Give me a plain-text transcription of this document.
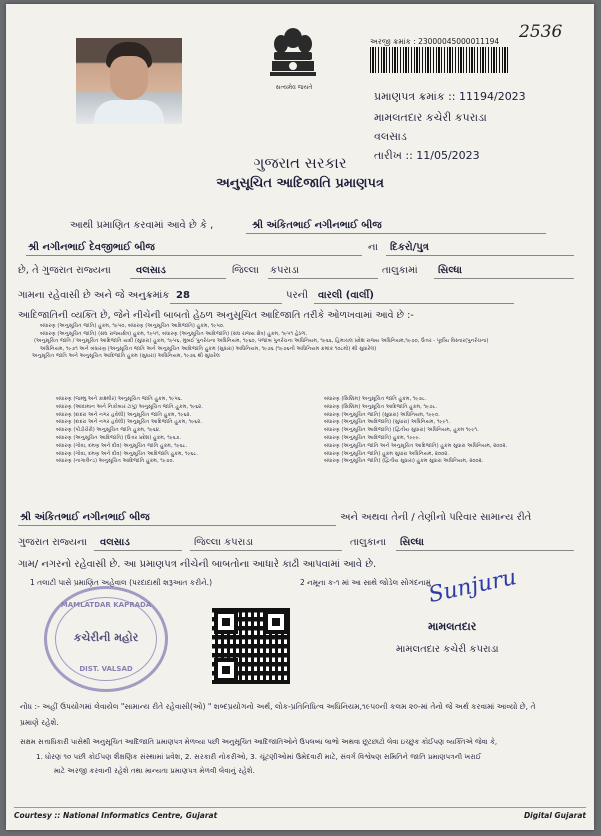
સત્યમેવ જયતે
અરજી ક્રમાંક : 23000045000011194 2536
પ્રમાણપત્ર ક્રમાંક :: 11194/2023
મામલતદાર કચેરી કપરાડા
વલસાડ
તારીખ :: 11/05/2023
ગુજરાત સરકાર
અનુસૂચિત આદિજાતિ પ્રમાણપત્ર
આથી પ્રમાણિત કરવામાં આવે છે કે ,	શ્રી અંકિતભાઈ નગીનભાઈ બીજ
શ્રી નગીનભાઈ દેવજીભાઈ બીજ	ના દિકરો/પુત્ર
છે, તે ગુજરાત રાજ્યના	વલસાડ	જિલ્લા કપરાડા	તાલુકામાં સિલ્ધા
ગામના રહેવાસી છે અને જે અનુક્રમાંક 28	પરની વારલી (વાર્લી)
આદિજાતિની વ્યક્તિ છે, જેને નીચેની બાબતો હેઠળ અનુસૂચિત આદિજાતિ તરીકે ઓળખવામાં આવે છે :-
બંધારણ (અનુસૂચિત જાતિ) હુકમ, ૧૯૫૦, બંધારણ (અનુસૂચિત આદિજાતિ) હુકમ, ૧૯૫૦.
બંધારણ (અનુસૂચિત જાતિ) (સંઘ રાજ્યક્ષેત્ર) હુકમ, ૧૯૫૧, બંધારણ (અનુસૂચિત આદિજાતિ) (સંઘ રાજ્ય ક્ષેત્ર) હુકમ, ૧૯૫૧ હેઠળ.
(અનુસૂચિત જાતિ / અનુસૂચિત આદિજાતિ યાદી (સુધારા) હુકમ, ૧૯૫૬, મુંબઈ પુનર્રચના અધિનિયમ, ૧૯૬૦, પંજાબ પુનર્રચના અધિનિયમ, ૧૯૬૬, હિમાચલ પ્રદેશ રાજ્ય અધિનિયમ,૧૯૭૦, ઉત્તર - પૂર્વીય વિસ્તાર(પુનર્રચના)
અધિનિયમ, ૧૯૭૧ અને બંધારણ (અનુસૂચિત જાતિ અને અનુસૂચિત આદિજાતિ હુકમ (સુધારા) અધિનિયમ, ૧૯૭૬ (૧૯૭૬ની અધિનિયમ ક્રમાંક ૧૦૮મો) થી સુધારેલ)
અનુસૂચિત જાતિ અને અનુસૂચિત આદિજાતિ હુકમ (સુધારા) અધિનિયમ, ૧૯૭૬ થી સુધારેલ
બંધારણ (જમ્મુ અને કાશ્મીર) અનુસૂચિત જાતિ હુકમ, ૧૯૫૬.
બંધારણ (આંદામાન અને નિકોબાર ટાપુ) અનુસૂચિત જાતિ હુકમ, ૧૯૬૨.
બંધારણ (દાદરા અને નગર હવેલી) અનુસૂચિત જાતિ હુકમ, ૧૯૬૨.
બંધારણ (દાદરા અને નગર હવેલી) અનુસૂચિત આદિજાતિ હુકમ, ૧૯૬૨.
બંધારણ (પોંડીચેરી) અનુસૂચિત જાતિ હુકમ, ૧૯૬૪.
બંધારણ (અનુસૂચિત આદિજાતિ) (ઉત્તર પ્રદેશ) હુકમ, ૧૯૬૭.
બંધારણ (ગોવા, દમણ અને દીવ) અનુસૂચિત જાતિ હુકમ, ૧૯૬૮.
બંધારણ (ગોવા, દમણ અને દીવ) અનુસૂચિત આદિજાતિ હુકમ, ૧૯૬૮.
બંધારણ (નાગાલેન્ડ) અનુસૂચિત આદિજાતિ હુકમ, ૧૯૭૦.
બંધારણ (સિક્કિમ) અનુસૂચિત જાતિ હુકમ, ૧૯૭૮.
બંધારણ (સિક્કિમ) અનુસૂચિત આદિજાતિ હુકમ, ૧૯૭૮.
બંધારણ (અનુસૂચિત જાતિ) (સુધારા) અધિનિયમ, ૧૯૯૦.
બંધારણ (અનુસૂચિત આદિજાતિ) (સુધારા) અધિનિયમ, ૧૯૯૧.
બંધારણ (અનુસૂચિત આદિજાતિ) (દ્વિતીય સુધારા) અધિનિયમ, હુકમ ૧૯૯૧.
બંધારણ (અનુસૂચિત આદિજાતિ) હુકમ, ૧૯૯૯.
બંધારણ (અનુસૂચિત જાતિ અને અનુસૂચિત આદિજાતિ) હુકમ સુધારા અધિનિયમ, ૨૦૦૨.
બંધારણ (અનુસૂચિત જાતિ) હુકમ સુધારા અધિનિયમ, ૨૦૦૨.
બંધારણ (અનુસૂચિત જાતિ) (દ્વિતીય સુધારા) હુકમ સુધારા અધિનિયમ, ૨૦૦૨.
શ્રી અંકિતભાઈ નગીનભાઈ બીજ	અને અથવા તેની / તેણીનો પરિવાર સામાન્ય રીતે
ગુજરાત રાજ્યના વલસાડ	જિલ્લા કપરાડા	તાલુકાના સિલ્ધા
ગામ/ નગરનો રહેવાસી છે. આ પ્રમાણપત્ર નીચેની બાબતોના આધારે કાઢી આપવામાં આવે છે.
1 તલાટી પાસે પ્રમાણિત અહેવાલ (પરદાદાથી શરૂઆત કરીને.)	2 નમૂના ક-૧ માં આ સાથે જોડેલ સોગંદનામું
MAMLATDAR KAPRADA
કચેરીની મહોર
DIST. VALSAD
Sunjuru
મામલતદાર
મામલતદાર કચેરી કપરાડા
નોંધ :- અહીં ઉપયોગમાં લેવાયેલ "સામાન્ય રીતે રહેવાસી(ઓ) " શબ્દપ્રયોગનો અર્થ, લોક-પ્રતિનિધિત્વ અધિનિયમ,૧૯૫૦ની કલમ ૨૦-માં તેનો જે અર્થ કરવામાં આવ્યો છે, તે
પ્રમાણે રહેશે.
સક્ષમ સત્તાધિકારી પાસેથી અનુસૂચિત આદિજાતિ પ્રમાણપત્ર મેળવ્યા પછી અનુસૂચિત આદિજાતિઓને ઉપલબ્ધ લાભો અથવા છૂટછાટો લેવા ઇચ્છુક કોઈપણ વ્યક્તિએ જેવા કે,
1. ધોરણ ૧૦ પછી કોઈપણ શૈક્ષણિક સંસ્થામાં પ્રવેશ, 2. સરકારી નોકરીઓ, 3. ચૂંટણીઓમાં ઉમેદવારી માટે, સંવર્ગ વિશ્વેષણ સમિતિને જાતિ પ્રમાણપત્રની ખરાઈ
માટે અરજી કરવાની રહેશે તથા માન્યતા પ્રમાણપત્ર મેળવી લેવાનું રહેશે.
Courtesy :: National Informatics Centre, Gujarat	Digital Gujarat
